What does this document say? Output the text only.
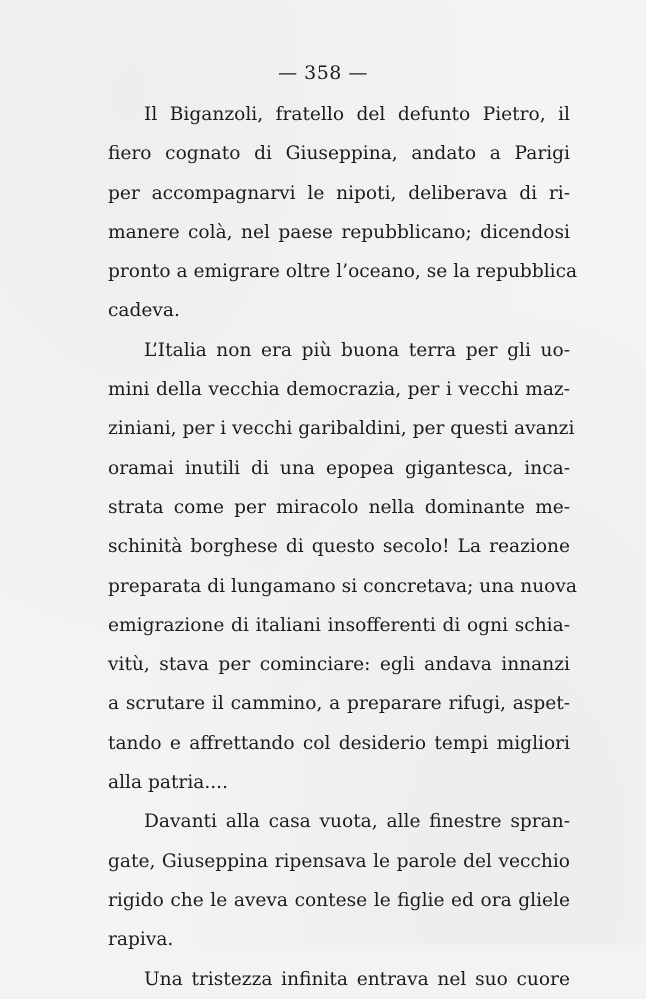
— 358 —
Il Biganzoli, fratello del defunto Pietro, il
fiero cognato di Giuseppina, andato a Parigi
per accompagnarvi le nipoti, deliberava di ri-
manere colà, nel paese repubblicano; dicendosi
pronto a emigrare oltre l’oceano, se la repubblica
cadeva.
L’Italia non era più buona terra per gli uo-
mini della vecchia democrazia, per i vecchi maz-
ziniani, per i vecchi garibaldini, per questi avanzi
oramai inutili di una epopea gigantesca, inca-
strata come per miracolo nella dominante me-
schinità borghese di questo secolo! La reazione
preparata di lungamano si concretava; una nuova
emigrazione di italiani insofferenti di ogni schia-
vitù, stava per cominciare: egli andava innanzi
a scrutare il cammino, a preparare rifugi, aspet-
tando e affrettando col desiderio tempi migliori
alla patria....
Davanti alla casa vuota, alle finestre spran-
gate, Giuseppina ripensava le parole del vecchio
rigido che le aveva contese le figlie ed ora gliele
rapiva.
Una tristezza infinita entrava nel suo cuore
